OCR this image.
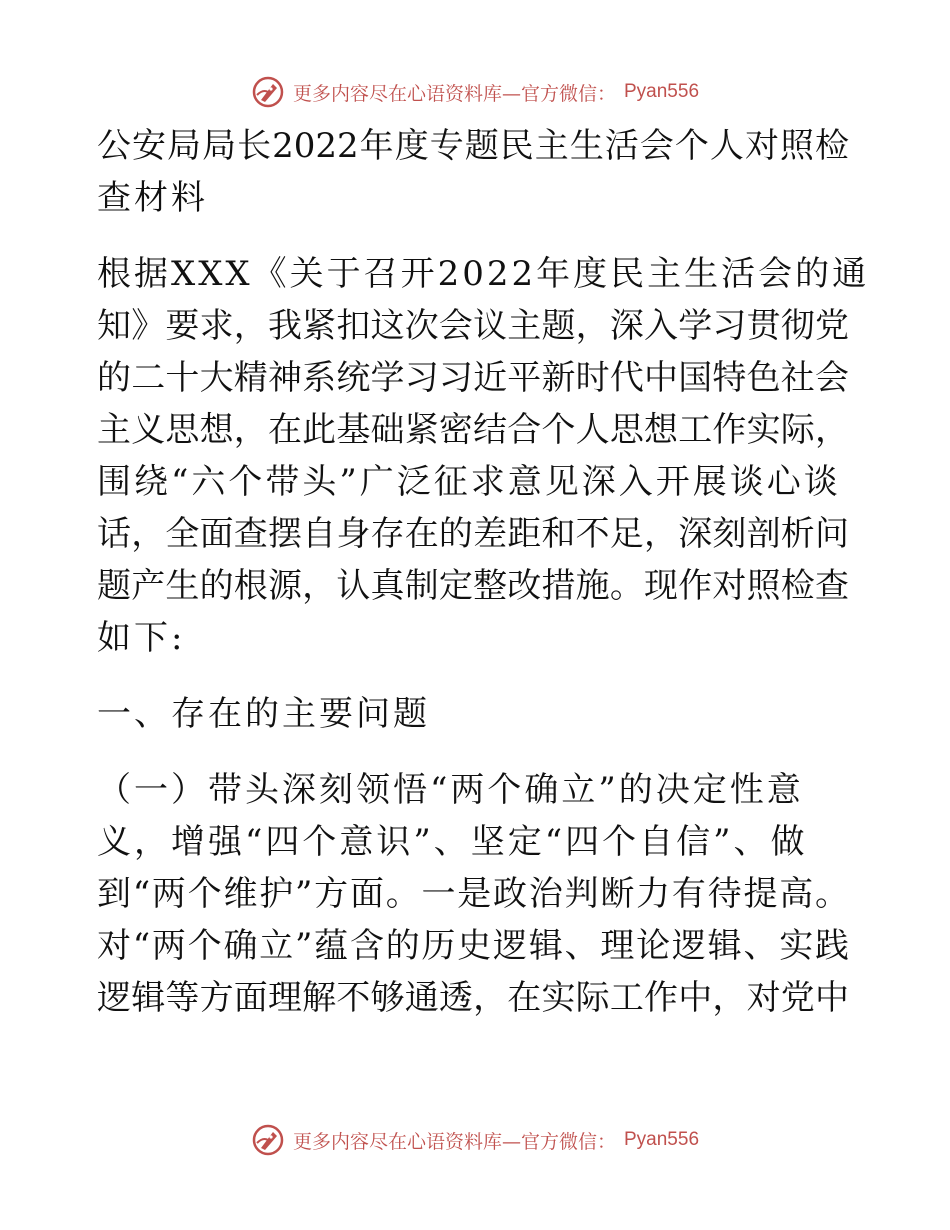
更多内容尽在心语资料库—官方微信： Pyan556

公安局局长2022年度专题民主生活会个人对照检

查材料

根据XXX《关于召开2022年度民主生活会的通

知》要求，我紧扣这次会议主题，深入学习贯彻党

的二十大精神系统学习习近平新时代中国特色社会

主义思想，在此基础紧密结合个人思想工作实际，

围绕“六个带头”广泛征求意见深入开展谈心谈

话，全面查摆自身存在的差距和不足，深刻剖析问

题产生的根源，认真制定整改措施。现作对照检查

如下:

一、存在的主要问题

（一）带头深刻领悟“两个确立”的决定性意

义，增强“四个意识”、坚定“四个自信”、做

到“两个维护”方面。一是政治判断力有待提高。

对“两个确立”蕴含的历史逻辑、理论逻辑、实践

逻辑等方面理解不够通透，在实际工作中，对党中

更多内容尽在心语资料库—官方微信： Pyan556
